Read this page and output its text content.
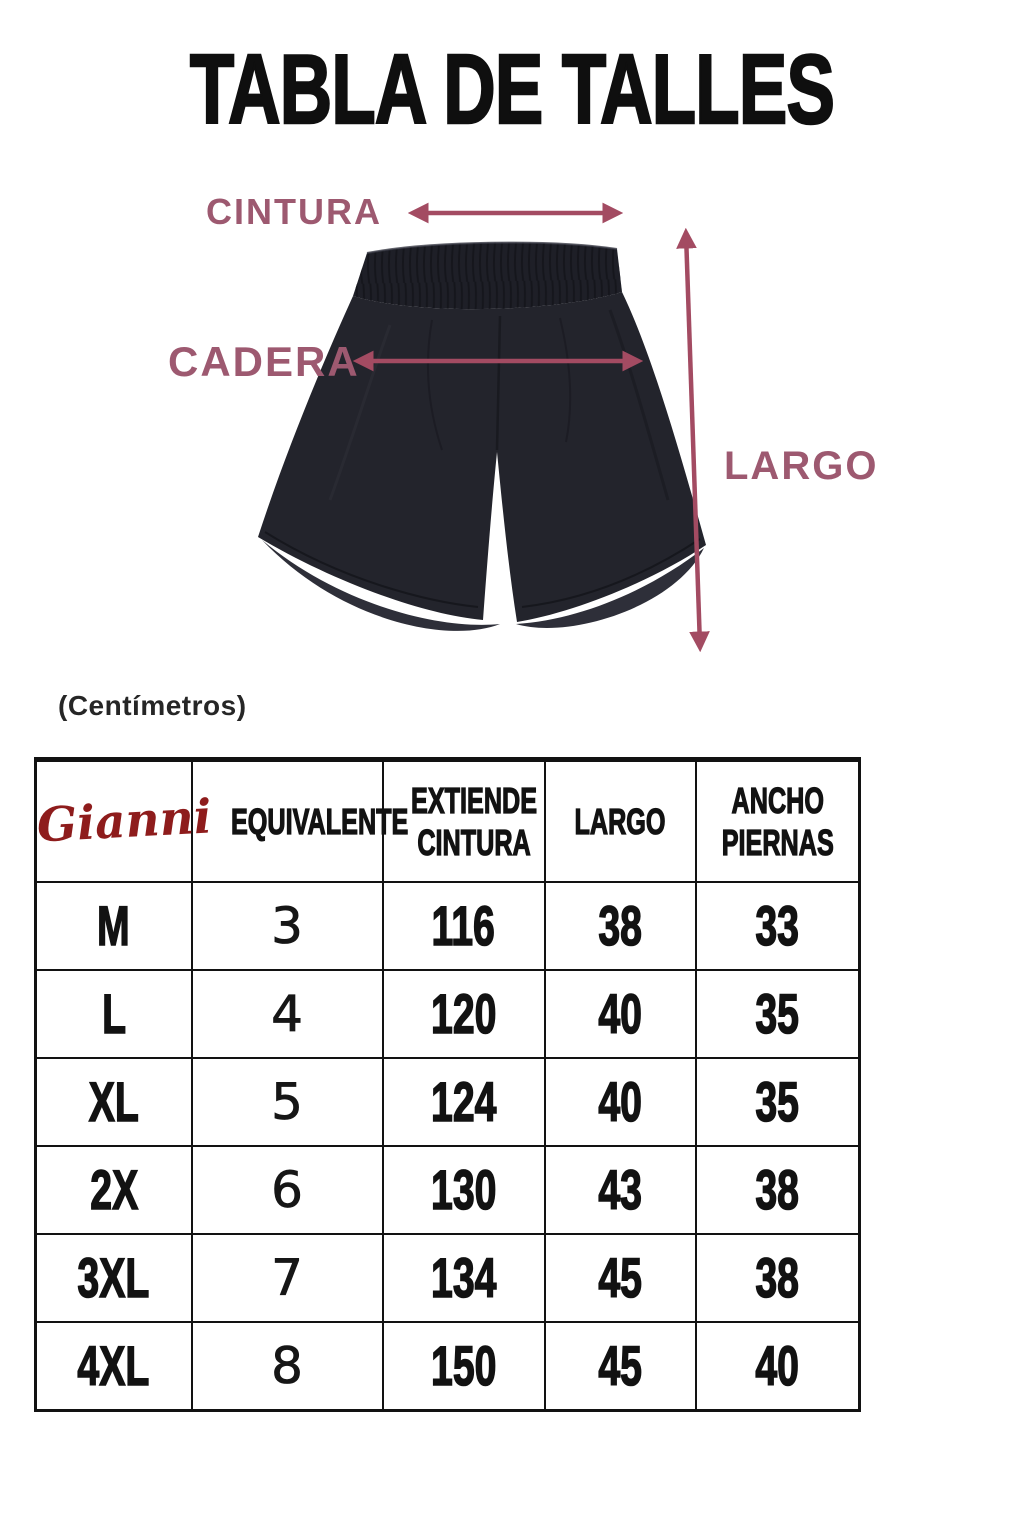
TABLA DE TALLES
CINTURA
CADERA
LARGO
(Centímetros)
Gianni	EQUIVALENTE	EXTIENDE CINTURA	LARGO	ANCHO PIERNAS
M	3	116	38	33
L	4	120	40	35
XL	5	124	40	35
2X	6	130	43	38
3XL	7	134	45	38
4XL	8	150	45	40
